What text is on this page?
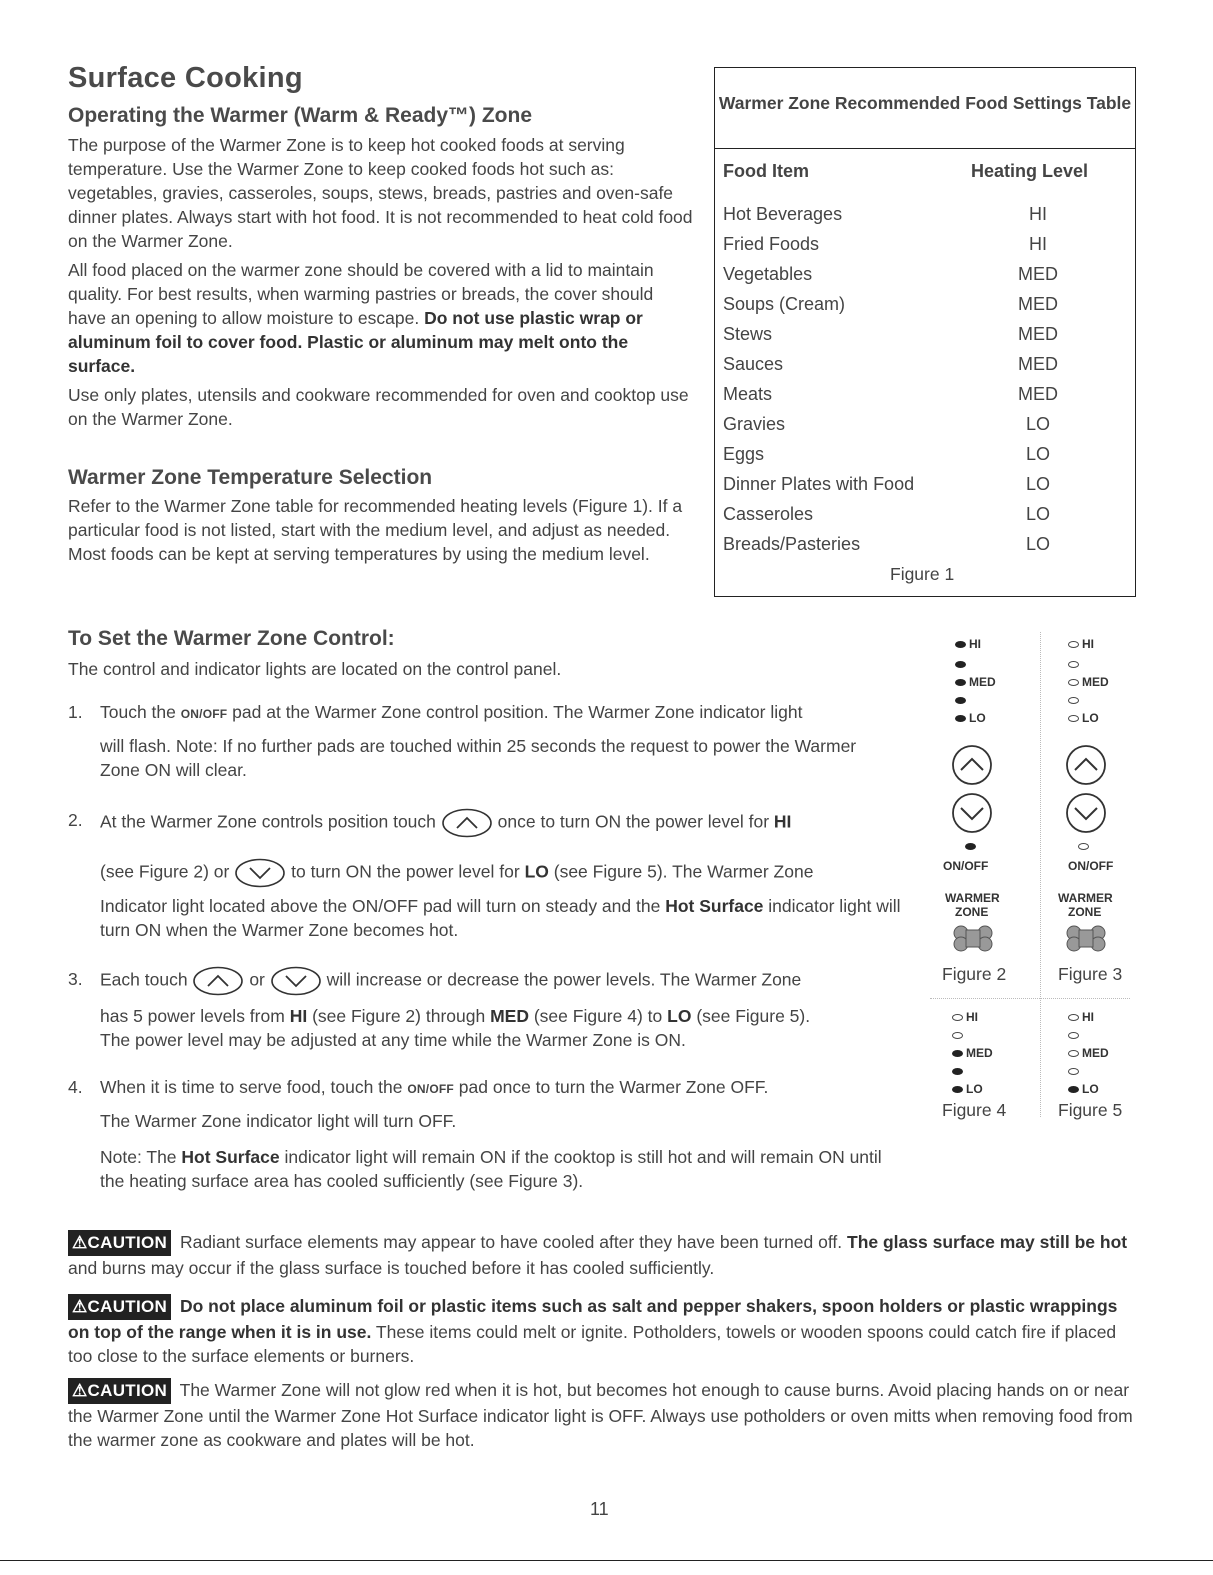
Surface Cooking
Operating the Warmer (Warm & Ready™) Zone
The purpose of the Warmer Zone is to keep hot cooked foods at serving temperature. Use the Warmer Zone to keep cooked foods hot such as: vegetables, gravies, casseroles, soups, stews, breads, pastries and oven-safe dinner plates. Always start with hot food. It is not recommended to heat cold food on the Warmer Zone.
All food placed on the warmer zone should be covered with a lid to maintain quality. For best results, when warming pastries or breads, the cover should have an opening to allow moisture to escape. Do not use plastic wrap or aluminum foil to cover food. Plastic or aluminum may melt onto the surface.
Use only plates, utensils and cookware recommended for oven and cooktop use on the Warmer Zone.
Warmer Zone Temperature Selection
Refer to the Warmer Zone table for recommended heating levels (Figure 1). If a particular food is not listed, start with the medium level, and adjust as needed. Most foods can be kept at serving temperatures by using the medium level.
Warmer Zone Recommended Food Settings Table
Food Item	Heating Level
Hot Beverages	HI
Fried Foods	HI
Vegetables	MED
Soups (Cream)	MED
Stews	MED
Sauces	MED
Meats	MED
Gravies	LO
Eggs	LO
Dinner Plates with Food	LO
Casseroles	LO
Breads/Pasteries	LO
Figure 1
To Set the Warmer Zone Control:
The control and indicator lights are located on the control panel.
1. Touch the ON/OFF pad at the Warmer Zone control position. The Warmer Zone indicator light
will flash. Note: If no further pads are touched within 25 seconds the request to power the Warmer Zone ON will clear.
2. At the Warmer Zone controls position touch	once to turn ON the power level for HI
(see Figure 2) or	to turn ON the power level for LO (see Figure 5). The Warmer Zone
Indicator light located above the ON/OFF pad will turn on steady and the Hot Surface indicator light will turn ON when the Warmer Zone becomes hot.
3. Each touch	or	will increase or decrease the power levels. The Warmer Zone
has 5 power levels from HI (see Figure 2) through MED (see Figure 4) to LO (see Figure 5).
The power level may be adjusted at any time while the Warmer Zone is ON.
4. When it is time to serve food, touch the ON/OFF pad once to turn the Warmer Zone OFF.
The Warmer Zone indicator light will turn OFF.
Note: The Hot Surface indicator light will remain ON if the cooktop is still hot and will remain ON until the heating surface area has cooled sufficiently (see Figure 3).
HI
MED
LO
ON/OFF
WARMER
ZONE
Figure 2
HI
MED
LO
ON/OFF
WARMER
ZONE
Figure 3
HI
MED
LO
Figure 4
HI
MED
LO
Figure 5
⚠CAUTION Radiant surface elements may appear to have cooled after they have been turned off. The glass surface may still be hot and burns may occur if the glass surface is touched before it has cooled sufficiently.
⚠CAUTION Do not place aluminum foil or plastic items such as salt and pepper shakers, spoon holders or plastic wrappings on top of the range when it is in use. These items could melt or ignite. Potholders, towels or wooden spoons could catch fire if placed too close to the surface elements or burners.
⚠CAUTION The Warmer Zone will not glow red when it is hot, but becomes hot enough to cause burns. Avoid placing hands on or near the Warmer Zone until the Warmer Zone Hot Surface indicator light is OFF. Always use potholders or oven mitts when removing food from the warmer zone as cookware and plates will be hot.
11
